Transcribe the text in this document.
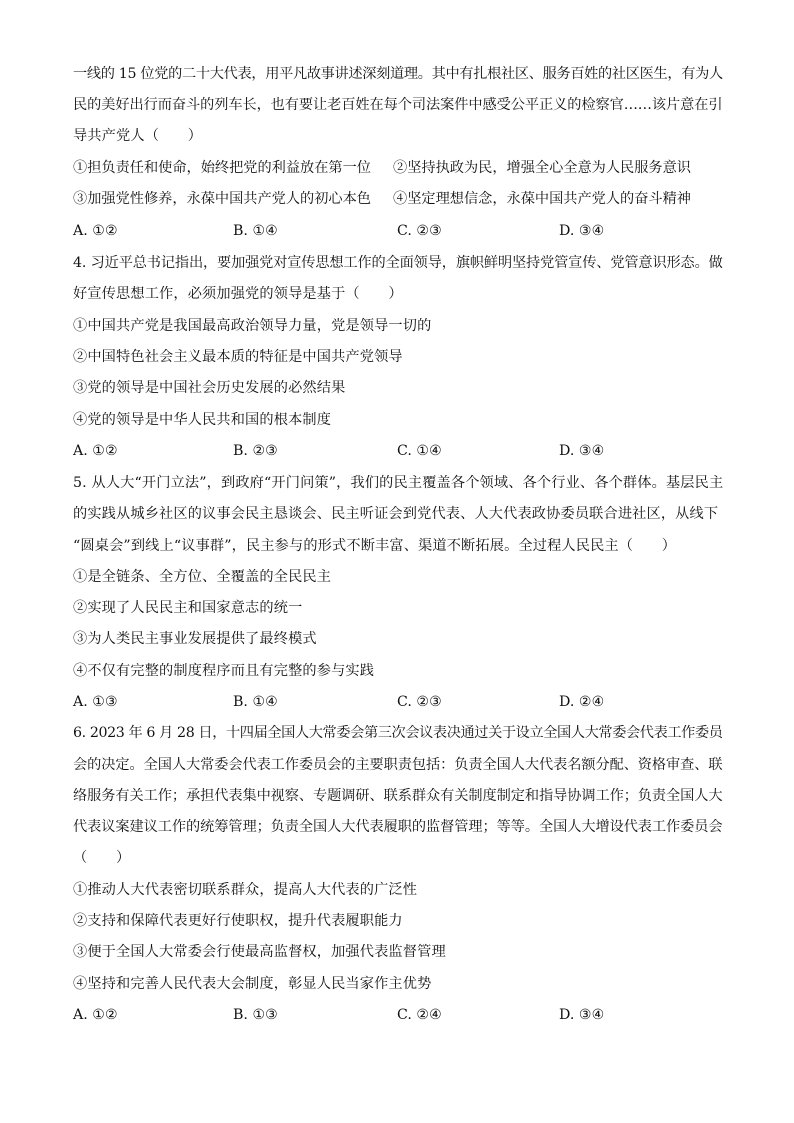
一线的 15 位党的二十大代表，用平凡故事讲述深刻道理。其中有扎根社区、服务百姓的社区医生，有为人
民的美好出行而奋斗的列车长，也有要让老百姓在每个司法案件中感受公平正义的检察官……该片意在引
导共产党人（　　）
①担负责任和使命，始终把党的利益放在第一位 ②坚持执政为民，增强全心全意为人民服务意识
③加强党性修养，永葆中国共产党人的初心本色 ④坚定理想信念，永葆中国共产党人的奋斗精神
A. ①②	B. ①④	C. ②③	D. ③④
4. 习近平总书记指出，要加强党对宣传思想工作的全面领导，旗帜鲜明坚持党管宣传、党管意识形态。做
好宣传思想工作，必须加强党的领导是基于（　　）
①中国共产党是我国最高政治领导力量，党是领导一切的
②中国特色社会主义最本质的特征是中国共产党领导
③党的领导是中国社会历史发展的必然结果
④党的领导是中华人民共和国的根本制度
A. ①②	B. ②③	C. ①④	D. ③④
5. 从人大“开门立法”，到政府“开门问策”，我们的民主覆盖各个领域、各个行业、各个群体。基层民主
的实践从城乡社区的议事会民主恳谈会、民主听证会到党代表、人大代表政协委员联合进社区，从线下
“圆桌会”到线上“议事群”，民主参与的形式不断丰富、渠道不断拓展。全过程人民民主（　　）
①是全链条、全方位、全覆盖的全民民主
②实现了人民民主和国家意志的统一
③为人类民主事业发展提供了最终模式
④不仅有完整的制度程序而且有完整的参与实践
A. ①③	B. ①④	C. ②③	D. ②④
6. 2023 年 6 月 28 日，十四届全国人大常委会第三次会议表决通过关于设立全国人大常委会代表工作委员
会的决定。全国人大常委会代表工作委员会的主要职责包括：负责全国人大代表名额分配、资格审查、联
络服务有关工作；承担代表集中视察、专题调研、联系群众有关制度制定和指导协调工作；负责全国人大
代表议案建议工作的统筹管理；负责全国人大代表履职的监督管理；等等。全国人大增设代表工作委员会
（　　）
①推动人大代表密切联系群众，提高人大代表的广泛性
②支持和保障代表更好行使职权，提升代表履职能力
③便于全国人大常委会行使最高监督权，加强代表监督管理
④坚持和完善人民代表大会制度，彰显人民当家作主优势
A. ①②	B. ①③	C. ②④	D. ③④
